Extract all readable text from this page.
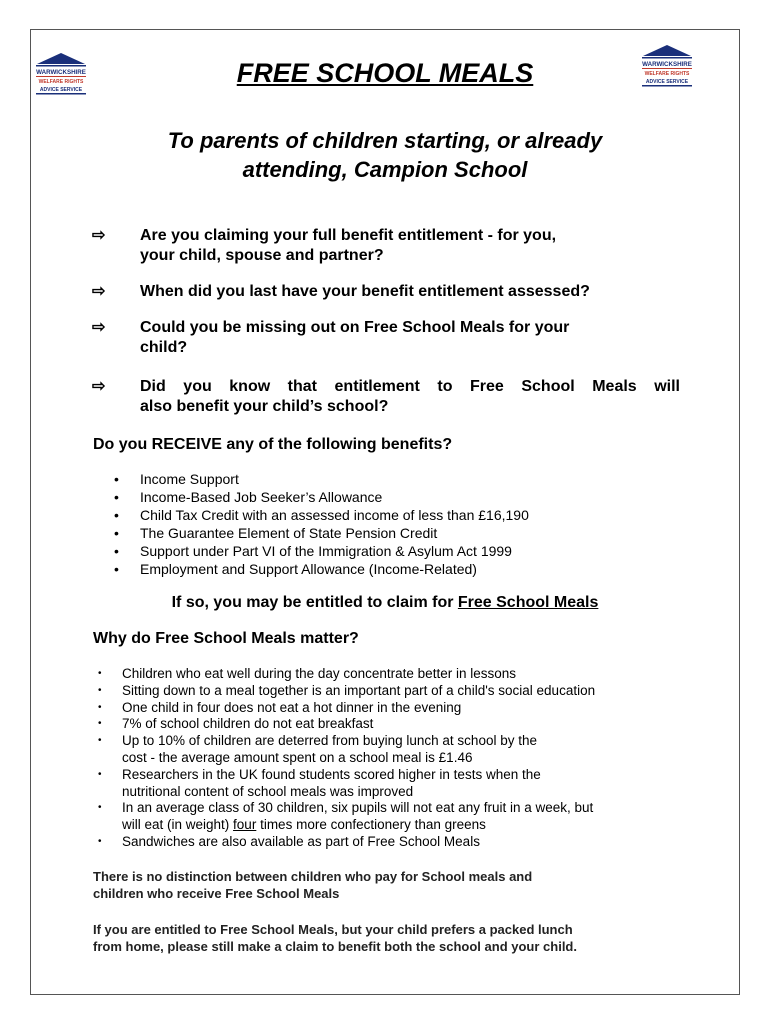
WARWICKSHIRE
WELFARE RIGHTS
ADVICE SERVICE
WARWICKSHIRE
WELFARE RIGHTS
ADVICE SERVICE
FREE SCHOOL MEALS
To parents of children starting, or already
attending, Campion School
⇨	Are you claiming your full benefit entitlement - for you,
your child, spouse and partner?
⇨	When did you last have your benefit entitlement assessed?
⇨	Could you be missing out on Free School Meals for your
child?
⇨	Did you know that entitlement to Free School Meals will
also benefit your child’s school?
Do you RECEIVE any of the following benefits?
• Income Support
• Income-Based Job Seeker’s Allowance
• Child Tax Credit with an assessed income of less than £16,190
• The Guarantee Element of State Pension Credit
• Support under Part VI of the Immigration & Asylum Act 1999
• Employment and Support Allowance (Income-Related)
If so, you may be entitled to claim for Free School Meals
Why do Free School Meals matter?
• Children who eat well during the day concentrate better in lessons
• Sitting down to a meal together is an important part of a child's social education
• One child in four does not eat a hot dinner in the evening
• 7% of school children do not eat breakfast
• Up to 10% of children are deterred from buying lunch at school by the
cost - the average amount spent on a school meal is £1.46
• Researchers in the UK found students scored higher in tests when the
nutritional content of school meals was improved
• In an average class of 30 children, six pupils will not eat any fruit in a week, but
will eat (in weight) four times more confectionery than greens
• Sandwiches are also available as part of Free School Meals
There is no distinction between children who pay for School meals and
children who receive Free School Meals
If you are entitled to Free School Meals, but your child prefers a packed lunch
from home, please still make a claim to benefit both the school and your child.
